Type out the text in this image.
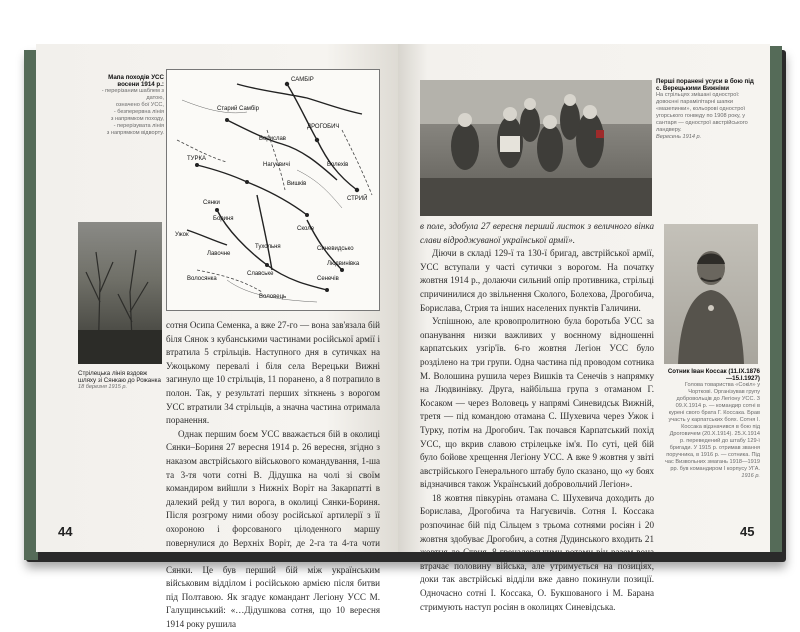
Мапа походів УСС восени 1914 р.:
- перерізаним шаблем з датою,
означено бої УСС,
- безперервна лінія
з напрямком походу,
- перерізувата лінія
з напрямком відворту.
САМБІР
ДРОГОБИЧ
СТРИЙ
ТУРКА
Сянки
Бориня
Ужок
Лавочне
Тухольня
Сколе
Синевидсько
Славське
Волосянка
Воловець
Людвинівка
Сенечів
Вишків
Нагуєвичі
Борислав
Старий Самбір
Болехів
Стрілецька лінія вздовж шляху зі Сянкаю до Рожанка
18 березня 1915 р.

сотня Осипа Семенка, а вже 27-го — вона зав'язала бій біля Сянок з кубанськими частинами російської армії і втратила 5 стрільців. Наступного дня в сутичках на Ужоцькому перевалі і біля села Верецьки Вижні загинуло ще 10 стрільців, 11 поранено, а 8 потрапило в полон. Так, у результаті перших зіткнень з ворогом УСС втратили 34 стрільців, а значна частина отримала поранення.

Однак першим боєм УСС вважається бій в околиці Сянки–Бориня 27 вересня 1914 р. 26 вересня, згідно з наказом австрійського військового командування, 1-ша та 3-тя чоти сотні В. Дідушка на чолі зі своїм командиром вийшли з Нижніх Воріт на Закарпатті в далекий рейд у тил ворога, в околиці Сянки-Бориня. Після розгрому ними обозу російської артилерії з її охороною і форсованого цілоденного маршу повернулися до Верхніх Воріт, де 2-га та 4-та чоти вели бій з московським відділом і поверталися на Сянки. Це був перший бій між українським військовим відділом і російською армією після битви під Полтавою. Як згадує командант Легіону УСС М. Галущинський: «…Дідушкова сотня, що 10 вересня 1914 року рушила

44
Перші поранені усуси в бою під с. Верецькими Вижніми
На стрільцях змішані однострої: довоєнні парамілітарні шапки «мазепинки», кольорові однострої угорського гонведу по 1908 року, у сантаря — однострої австрійського ландверу.
Вересень 1914 р.
Сотник Іван Коссак (11.IX.1876—15.I.1927)
Голова товариства «Сокіл» у Чорткові. Організував групу добровольців до Легіону УСС. З 09.Х.1914 р. — командир сотні в курені свого брата Г. Коссака. Брав участь у карпатських боях. Сотня І. Коссака відзначився в бою під Дроговичем (20.Х.1914). 25.Х.1914 р. переведений до штабу 129-ї бригади. У 1915 р. отримав звання поручника, в 1916 р. — сотника. Під час Визвольних змагань 1918—1919 рр. був командиром І корпусу УГА.
1916 р.

в поле, здобула 27 вересня перший листок з величного вінка слави відроджуваної української армії».

Діючи в складі 129-ї та 130-ї бригад, австрійської армії, УСС вступали у часті сутички з ворогом. На початку жовтня 1914 р., долаючи сильний опір противника, стрільці спричинилися до звільнення Сколого, Болехова, Дрогобича, Борислава, Стрия та інших населених пунктів Галичини.

Успішною, але кровопролитною була боротьба УСС за опанування низки важливих у воєнному відношенні карпатських узгір'їв. 6-го жовтня Легіон УСС було розділено на три групи. Одна частина під проводом сотника М. Волошина рушила через Вишків та Сенечів з напрямку на Людвинівку. Друга, найбільша група з отаманом Г. Косаком — через Воловець у напрямі Синевидськ Вижній, третя — під командою отамана С. Шухевича через Ужок і Турку, потім на Дрогобич. Так почався Карпатський похід УСС, що вкрив славою стрілецьке ім'я. По суті, цей бій було бойове хрещення Легіону УСС. А вже 9 жовтня у звіті австрійського Генерального штабу було сказано, що «у боях відзначився також Український добровольчий Легіон».

18 жовтня півкурінь отамана С. Шухевича доходить до Борислава, Дрогобича та Нагуєвичів. Сотня І. Коссака розпочинає бій під Сільцем з трьома сотнями росіян і 20 жовтня здобуває Дрогобич, а сотня Дудинського входить 21 жовтня до Стрия. 8 гренадерськими ротами він разом вона втрачає половину війська, але утримується на позиціях, доки так австрійські відділи вже давно покинули позиції. Одночасно сотні І. Коссака, О. Букшованого і М. Барана стримують наступ росіян в околицях Синевідська.

45
